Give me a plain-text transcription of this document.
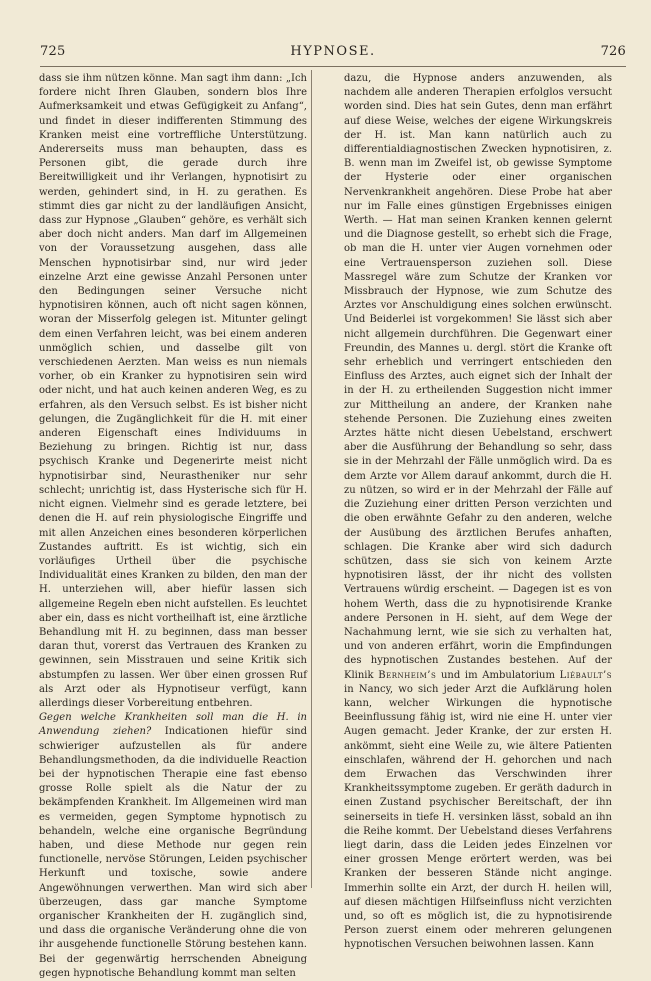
725	HYPNOSE.	726

dass sie ihm nützen könne. Man sagt ihm dann: „Ich fordere nicht Ihren Glauben, sondern blos Ihre Aufmerksamkeit und etwas Gefügigkeit zu Anfang“, und findet in dieser indifferenten Stimmung des Kranken meist eine vortreffliche Unterstützung. Andererseits muss man behaupten, dass es Personen gibt, die gerade durch ihre Bereitwilligkeit und ihr Verlangen, hypnotisirt zu werden, gehindert sind, in H. zu gerathen. Es stimmt dies gar nicht zu der landläufigen Ansicht, dass zur Hypnose „Glauben“ gehöre, es verhält sich aber doch nicht anders. Man darf im Allgemeinen von der Voraussetzung ausgehen, dass alle Menschen hypnotisirbar sind, nur wird jeder einzelne Arzt eine gewisse Anzahl Personen unter den Bedingungen seiner Versuche nicht hypnotisiren können, auch oft nicht sagen können, woran der Misserfolg gelegen ist. Mitunter gelingt dem einen Verfahren leicht, was bei einem anderen unmöglich schien, und dasselbe gilt von verschiedenen Aerzten. Man weiss es nun niemals vorher, ob ein Kranker zu hypnotisiren sein wird oder nicht, und hat auch keinen anderen Weg, es zu erfahren, als den Versuch selbst. Es ist bisher nicht gelungen, die Zugänglichkeit für die H. mit einer anderen Eigenschaft eines Individuums in Beziehung zu bringen. Richtig ist nur, dass psychisch Kranke und Degenerirte meist nicht hypnotisirbar sind, Neurastheniker nur sehr schlecht; unrichtig ist, dass Hysterische sich für H. nicht eignen. Vielmehr sind es gerade letztere, bei denen die H. auf rein physiologische Eingriffe und mit allen Anzeichen eines besonderen körperlichen Zustandes auftritt. Es ist wichtig, sich ein vorläufiges Urtheil über die psychische Individualität eines Kranken zu bilden, den man der H. unterziehen will, aber hiefür lassen sich allgemeine Regeln eben nicht aufstellen. Es leuchtet aber ein, dass es nicht vortheilhaft ist, eine ärztliche Behandlung mit H. zu beginnen, dass man besser daran thut, vorerst das Vertrauen des Kranken zu gewinnen, sein Misstrauen und seine Kritik sich abstumpfen zu lassen. Wer über einen grossen Ruf als Arzt oder als Hypnotiseur verfügt, kann allerdings dieser Vorbereitung entbehren.

Gegen welche Krankheiten soll man die H. in Anwendung ziehen? Indicationen hiefür sind schwieriger aufzustellen als für andere Behandlungsmethoden, da die individuelle Reaction bei der hypnotischen Therapie eine fast ebenso grosse Rolle spielt als die Natur der zu bekämpfenden Krankheit. Im Allgemeinen wird man es vermeiden, gegen Symptome hypnotisch zu behandeln, welche eine organische Begründung haben, und diese Methode nur gegen rein functionelle, nervöse Störungen, Leiden psychischer Herkunft und toxische, sowie andere Angewöhnungen verwerthen. Man wird sich aber überzeugen, dass gar manche Symptome organischer Krankheiten der H. zugänglich sind, und dass die organische Veränderung ohne die von ihr ausgehende functionelle Störung bestehen kann. Bei der gegenwärtig herrschenden Abneigung gegen hypnotische Behandlung kommt man selten

dazu, die Hypnose anders anzuwenden, als nachdem alle anderen Therapien erfolglos versucht worden sind. Dies hat sein Gutes, denn man erfährt auf diese Weise, welches der eigene Wirkungskreis der H. ist. Man kann natürlich auch zu differentialdiagnostischen Zwecken hypnotisiren, z. B. wenn man im Zweifel ist, ob gewisse Symptome der Hysterie oder einer organischen Nervenkrankheit angehören. Diese Probe hat aber nur im Falle eines günstigen Ergebnisses einigen Werth. — Hat man seinen Kranken kennen gelernt und die Diagnose gestellt, so erhebt sich die Frage, ob man die H. unter vier Augen vornehmen oder eine Vertrauensperson zuziehen soll. Diese Massregel wäre zum Schutze der Kranken vor Missbrauch der Hypnose, wie zum Schutze des Arztes vor Anschuldigung eines solchen erwünscht. Und Beiderlei ist vorgekommen! Sie lässt sich aber nicht allgemein durchführen. Die Gegenwart einer Freundin, des Mannes u. dergl. stört die Kranke oft sehr erheblich und verringert entschieden den Einfluss des Arztes, auch eignet sich der Inhalt der in der H. zu ertheilenden Suggestion nicht immer zur Mittheilung an andere, der Kranken nahe stehende Personen. Die Zuziehung eines zweiten Arztes hätte nicht diesen Uebelstand, erschwert aber die Ausführung der Behandlung so sehr, dass sie in der Mehrzahl der Fälle unmöglich wird. Da es dem Arzte vor Allem darauf ankommt, durch die H. zu nützen, so wird er in der Mehrzahl der Fälle auf die Zuziehung einer dritten Person verzichten und die oben erwähnte Gefahr zu den anderen, welche der Ausübung des ärztlichen Berufes anhaften, schlagen. Die Kranke aber wird sich dadurch schützen, dass sie sich von keinem Arzte hypnotisiren lässt, der ihr nicht des vollsten Vertrauens würdig erscheint. — Dagegen ist es von hohem Werth, dass die zu hypnotisirende Kranke andere Personen in H. sieht, auf dem Wege der Nachahmung lernt, wie sie sich zu verhalten hat, und von anderen erfährt, worin die Empfindungen des hypnotischen Zustandes bestehen. Auf der Klinik Bernheim’s und im Ambulatorium Liébault’s in Nancy, wo sich jeder Arzt die Aufklärung holen kann, welcher Wirkungen die hypnotische Beeinflussung fähig ist, wird nie eine H. unter vier Augen gemacht. Jeder Kranke, der zur ersten H. ankömmt, sieht eine Weile zu, wie ältere Patienten einschlafen, während der H. gehorchen und nach dem Erwachen das Verschwinden ihrer Krankheitssymptome zugeben. Er geräth dadurch in einen Zustand psychischer Bereitschaft, der ihn seinerseits in tiefe H. versinken lässt, sobald an ihn die Reihe kommt. Der Uebelstand dieses Verfahrens liegt darin, dass die Leiden jedes Einzelnen vor einer grossen Menge erörtert werden, was bei Kranken der besseren Stände nicht anginge. Immerhin sollte ein Arzt, der durch H. heilen will, auf diesen mächtigen Hilfseinfluss nicht verzichten und, so oft es möglich ist, die zu hypnotisirende Person zuerst einem oder mehreren gelungenen hypnotischen Versuchen beiwohnen lassen. Kann
